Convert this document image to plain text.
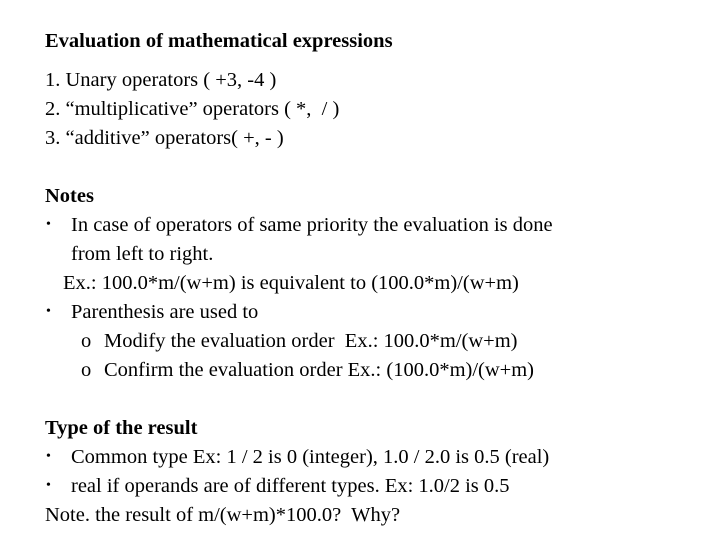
Evaluation of mathematical expressions
1. Unary operators ( +3, -4 )
2. “multiplicative” operators ( *,  / )
3. “additive” operators( +, - )
Notes
• In case of operators of same priority the evaluation is done
from left to right.
Ex.: 100.0*m/(w+m) is equivalent to (100.0*m)/(w+m)
• Parenthesis are used to
o Modify the evaluation order  Ex.: 100.0*m/(w+m)
o Confirm the evaluation order Ex.: (100.0*m)/(w+m)
Type of the result
• Common type Ex: 1 / 2 is 0 (integer), 1.0 / 2.0 is 0.5 (real)
• real if operands are of different types. Ex: 1.0/2 is 0.5
Note. the result of m/(w+m)*100.0?  Why?
